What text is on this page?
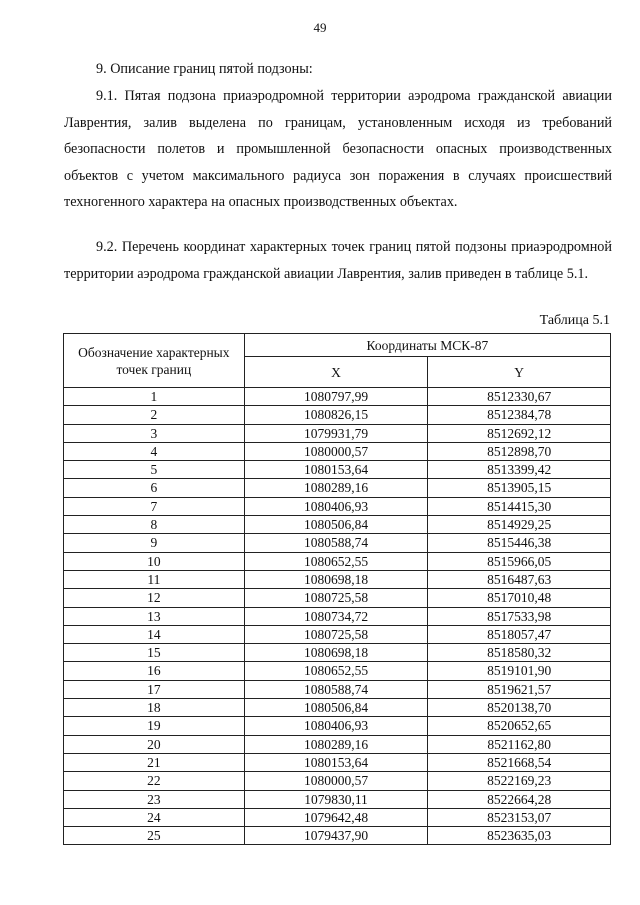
49
9. Описание границ пятой подзоны:
9.1. Пятая подзона приаэродромной территории аэродрома гражданской авиации Лаврентия, залив выделена по границам, установленным исходя из требований безопасности полетов и промышленной безопасности опасных производственных объектов с учетом максимального радиуса зон поражения в случаях происшествий техногенного характера на опасных производственных объектах.
9.2. Перечень координат характерных точек границ пятой подзоны приаэродромной территории аэродрома гражданской авиации Лаврентия, залив приведен в таблице 5.1.
Таблица 5.1
Обозначение характерных точек границ	Координаты МСК-87	
	X	Y
1	1080797,99	8512330,67
2	1080826,15	8512384,78
3	1079931,79	8512692,12
4	1080000,57	8512898,70
5	1080153,64	8513399,42
6	1080289,16	8513905,15
7	1080406,93	8514415,30
8	1080506,84	8514929,25
9	1080588,74	8515446,38
10	1080652,55	8515966,05
11	1080698,18	8516487,63
12	1080725,58	8517010,48
13	1080734,72	8517533,98
14	1080725,58	8518057,47
15	1080698,18	8518580,32
16	1080652,55	8519101,90
17	1080588,74	8519621,57
18	1080506,84	8520138,70
19	1080406,93	8520652,65
20	1080289,16	8521162,80
21	1080153,64	8521668,54
22	1080000,57	8522169,23
23	1079830,11	8522664,28
24	1079642,48	8523153,07
25	1079437,90	8523635,03
